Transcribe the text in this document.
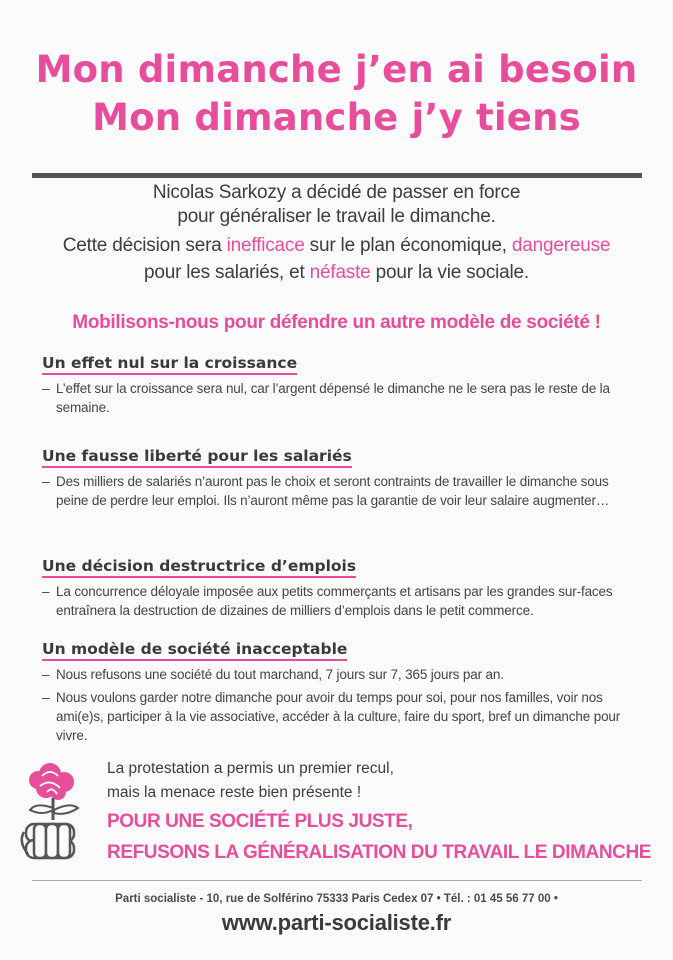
Mon dimanche j’en ai besoin
Mon dimanche j’y tiens
Nicolas Sarkozy a décidé de passer en force
pour généraliser le travail le dimanche.
Cette décision sera inefficace sur le plan économique, dangereuse
pour les salariés, et néfaste pour la vie sociale.
Mobilisons-nous pour défendre un autre modèle de société !
Un effet nul sur la croissance
– L’effet sur la croissance sera nul, car l’argent dépensé le dimanche ne le sera pas le reste de la semaine.
Une fausse liberté pour les salariés
– Des milliers de salariés n’auront pas le choix et seront contraints de travailler le dimanche sous peine de perdre leur emploi. Ils n’auront même pas la garantie de voir leur salaire augmenter…
Une décision destructrice d’emplois
– La concurrence déloyale imposée aux petits commerçants et artisans par les grandes sur-faces entraînera la destruction de dizaines de milliers d’emplois dans le petit commerce.
Un modèle de société inacceptable
– Nous refusons une société du tout marchand, 7 jours sur 7, 365 jours par an.
– Nous voulons garder notre dimanche pour avoir du temps pour soi, pour nos familles, voir nos ami(e)s, participer à la vie associative, accéder à la culture, faire du sport, bref un dimanche pour vivre.
La protestation a permis un premier recul,
mais la menace reste bien présente !
POUR UNE SOCIÉTÉ PLUS JUSTE,
REFUSONS LA GÉNÉRALISATION DU TRAVAIL LE DIMANCHE
Parti socialiste - 10, rue de Solférino 75333 Paris Cedex 07 • Tél. : 01 45 56 77 00 •
www.parti-socialiste.fr
